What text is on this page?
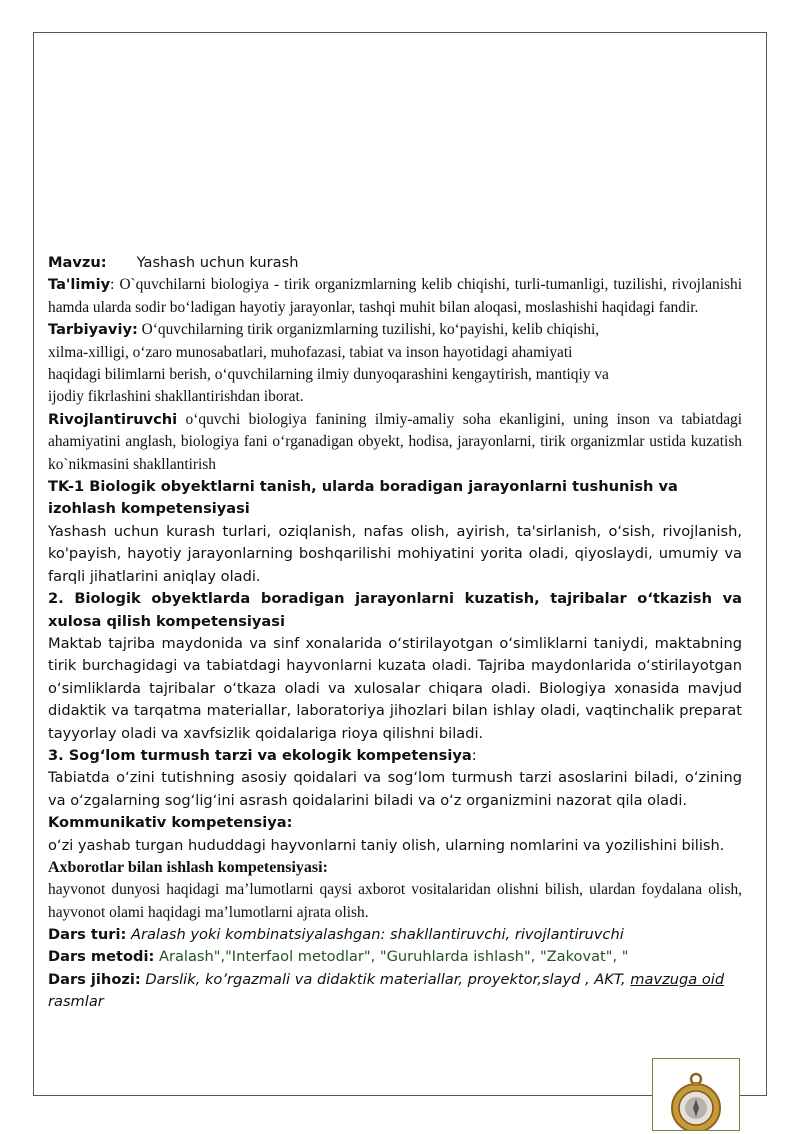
Mavzu: Yashash uchun kurash

Ta'limiy: O`quvchilarni biologiya - tirik organizmlarning kelib chiqishi, turli-tumanligi, tuzilishi, rivojlanishi hamda ularda sodir bo‘ladigan hayotiy jarayonlar, tashqi muhit bilan aloqasi, moslashishi haqidagi fandir.

Tarbiyaviy: O‘quvchilarning tirik organizmlarning tuzilishi, ko‘payishi, kelib chiqishi,
xilma-xilligi, o‘zaro munosabatlari, muhofazasi, tabiat va inson hayotidagi ahamiyati
haqidagi bilimlarni berish, o‘quvchilarning ilmiy dunyoqarashini kengaytirish, mantiqiy va
ijodiy fikrlashini shakllantirishdan iborat.

Rivojlantiruvchi o‘quvchi biologiya fanining ilmiy-amaliy soha ekanligini, uning inson va tabiatdagi ahamiyatini anglash, biologiya fani o‘rganadigan obyekt, hodisa, jarayonlarni, tirik organizmlar ustida kuzatish ko`nikmasini shakllantirish

TK-1 Biologik obyektlarni tanish, ularda boradigan jarayonlarni tushunish va izohlash kompetensiyasi

Yashash uchun kurash turlari, oziqlanish, nafas olish, ayirish, ta'sirlanish, o‘sish, rivojlanish, ko'payish, hayotiy jarayonlarning boshqarilishi mohiyatini yorita oladi, qiyoslaydi, umumiy va farqli jihatlarini aniqlay oladi.

2. Biologik obyektlarda boradigan jarayonlarni kuzatish, tajribalar o‘tkazish va xulosa qilish kompetensiyasi

Maktab tajriba maydonida va sinf xonalarida o‘stirilayotgan o‘simliklarni taniydi, maktabning tirik burchagidagi va tabiatdagi hayvonlarni kuzata oladi. Tajriba maydonlarida o‘stirilayotgan o‘simliklarda tajribalar o‘tkaza oladi va xulosalar chiqara oladi. Biologiya xonasida mavjud didaktik va tarqatma materiallar, laboratoriya jihozlari bilan ishlay oladi, vaqtinchalik preparat tayyorlay oladi va xavfsizlik qoidalariga rioya qilishni biladi.

3. Sog‘lom turmush tarzi va ekologik kompetensiya:

Tabiatda o‘zini tutishning asosiy qoidalari va sog‘lom turmush tarzi asoslarini biladi, o‘zining va o‘zgalarning sog‘lig‘ini asrash qoidalarini biladi va o‘z organizmini nazorat qila oladi.

Kommunikativ kompetensiya:

o‘zi yashab turgan hududdagi hayvonlarni taniy olish, ularning nomlarini va yozilishini bilish.

Axborotlar bilan ishlash kompetensiyasi:

hayvonot dunyosi haqidagi ma’lumotlarni qaysi axborot vositalaridan olishni bilish, ulardan foydalana olish, hayvonot olami haqidagi ma’lumotlarni ajrata olish.

Dars turi: Aralash yoki kombinatsiyalashgan: shakllantiruvchi, rivojlantiruvchi

Dars metodi: Aralash","Interfaol metodlar", "Guruhlarda ishlash", "Zakovat", "

Dars jihozi: Darslik, ko’rgazmali va didaktik materiallar, proyektor,slayd , AKT, mavzuga oid rasmlar
